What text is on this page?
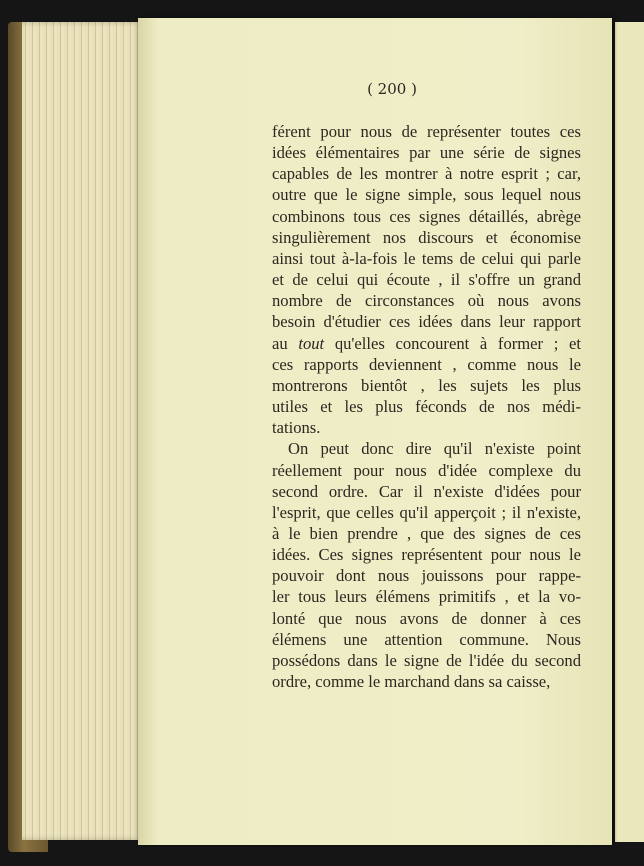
férent pour nous de représenter toutes ces
idées élémentaires par une série de signes
capables de les montrer à notre esprit ; car,
outre que le signe simple, sous lequel nous
combinons tous ces signes détaillés, abrège
singulièrement nos discours et économise
ainsi tout à-la-fois le tems de celui qui parle
et de celui qui écoute , il s'offre un grand
nombre de circonstances où nous avons
besoin d'étudier ces idées dans leur rapport
au tout qu'elles concourent à former ; et
ces rapports deviennent , comme nous le
montrerons bientôt , les sujets les plus
utiles et les plus féconds de nos médi-
tations.
On peut donc dire qu'il n'existe point
réellement pour nous d'idée complexe du
second ordre. Car il n'existe d'idées pour
l'esprit, que celles qu'il apperçoit ; il n'existe,
à le bien prendre , que des signes de ces
idées. Ces signes représentent pour nous le
pouvoir dont nous jouissons pour rappe-
ler tous leurs élémens primitifs , et la vo-
lonté que nous avons de donner à ces
élémens une attention commune. Nous
possédons dans le signe de l'idée du second
ordre, comme le marchand dans sa caisse,
( 200 )
